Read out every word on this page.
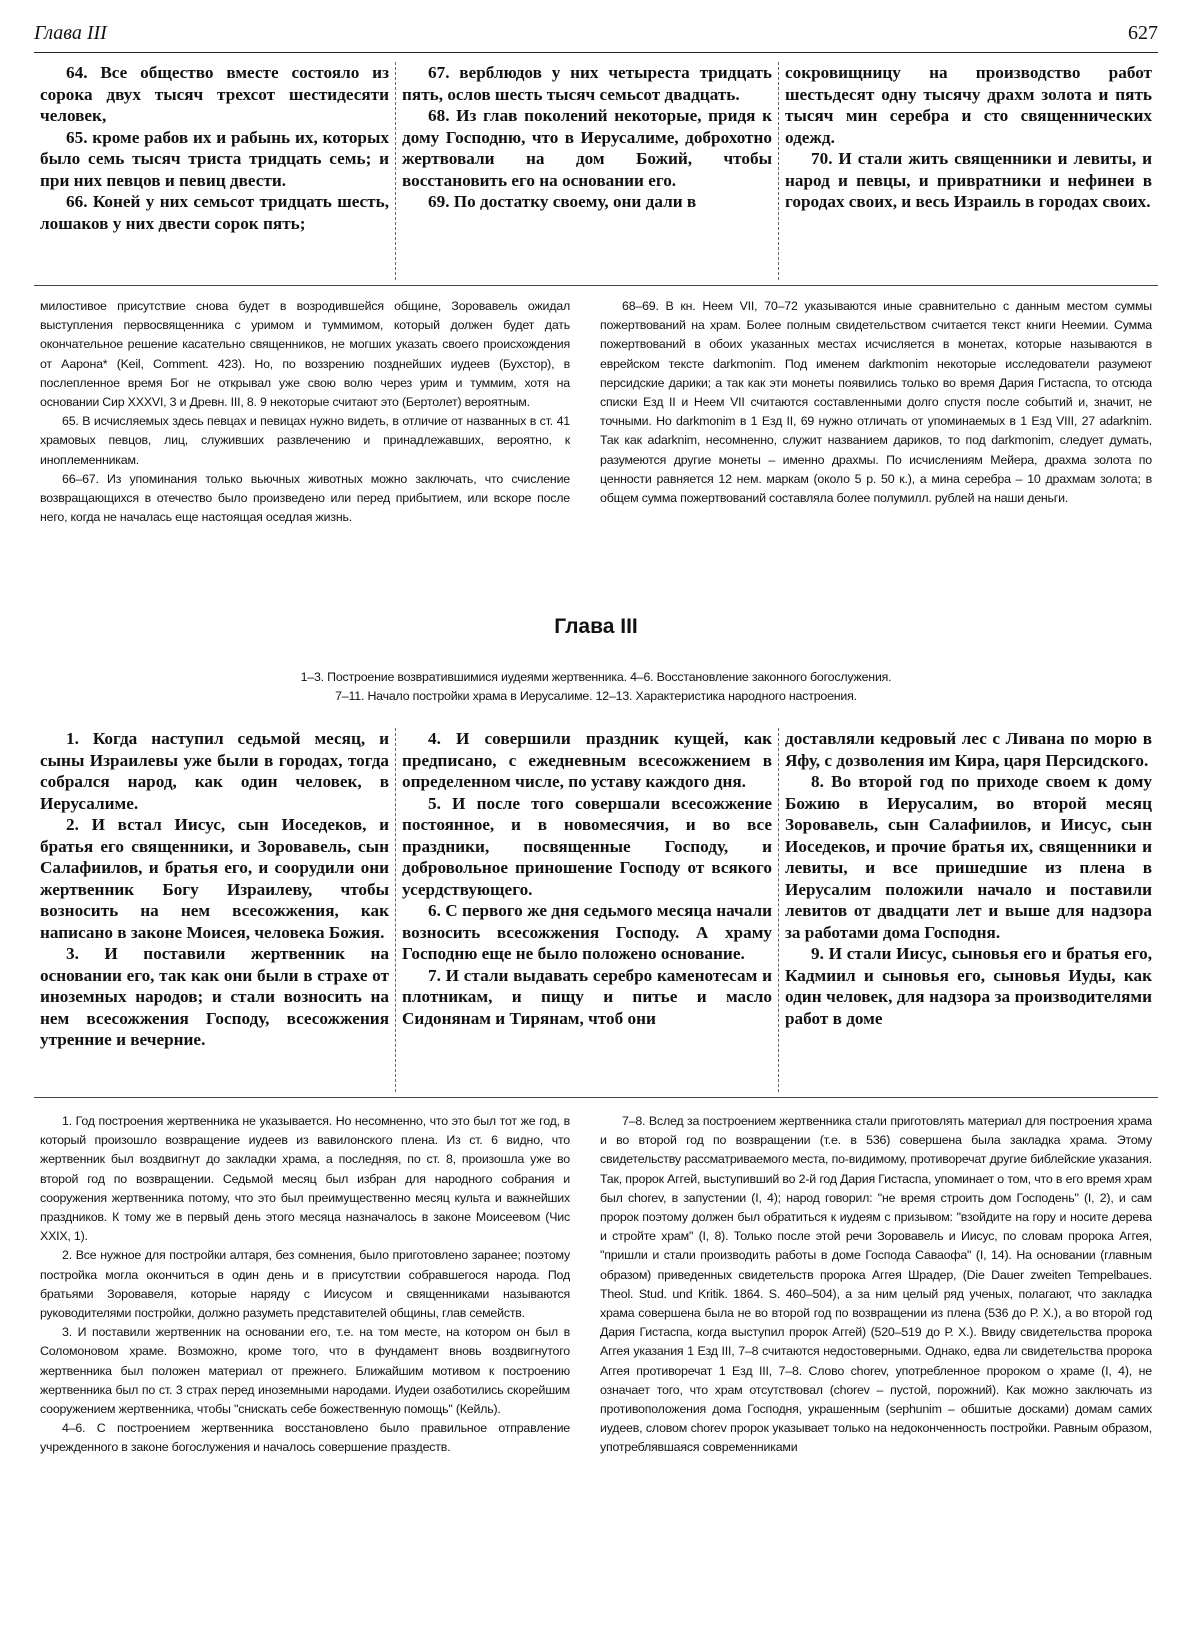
Глава III	627

64. Все общество вместе состояло из сорока двух тысяч трехсот шестидесяти человек,

65. кроме рабов их и рабынь их, которых было семь тысяч триста тридцать семь; и при них певцов и певиц двести.

66. Коней у них семьсот тридцать шесть, лошаков у них двести сорок пять;

67. верблюдов у них четыреста тридцать пять, ослов шесть тысяч семьсот двадцать.

68. Из глав поколений некоторые, придя к дому Господню, что в Иерусалиме, доброхотно жертвовали на дом Божий, чтобы восстановить его на основании его.

69. По достатку своему, они дали в

сокровищницу на производство работ шестьдесят одну тысячу драхм золота и пять тысяч мин серебра и сто священнических одежд.

70. И стали жить священники и левиты, и народ и певцы, и привратники и нефинеи в городах своих, и весь Израиль в городах своих.

милостивое присутствие снова будет в возродившейся общине, Зоровавель ожидал выступления первосвященника с уримом и туммимом, который должен будет дать окончательное решение касательно священников, не могших указать своего происхождения от Аарона* (Keil, Comment. 423). Но, по воззрению позднейших иудеев (Бухстор), в послепленное время Бог не открывал уже свою волю через урим и туммим, хотя на основании Сир XXXVI, 3 и Древн. III, 8. 9 некоторые считают это (Бертолет) вероятным.

65. В исчисляемых здесь певцах и певицах нужно видеть, в отличие от названных в ст. 41 храмовых певцов, лиц, служивших развлечению и принадлежавших, вероятно, к иноплеменникам.

66–67. Из упоминания только вьючных животных можно заключать, что счисление возвращающихся в отечество было произведено или перед прибытием, или вскоре после него, когда не началась еще настоящая оседлая жизнь.

68–69. В кн. Неем VII, 70–72 указываются иные сравнительно с данным местом суммы пожертвований на храм. Более полным свидетельством считается текст книги Неемии. Сумма пожертвований в обоих указанных местах исчисляется в монетах, которые называются в еврейском тексте darkmonim. Под именем darkmonim некоторые исследователи разумеют персидские дарики; а так как эти монеты появились только во время Дария Гистаспа, то отсюда списки Езд II и Неем VII считаются составленными долго спустя после событий и, значит, не точными. Но darkmonim в 1 Езд II, 69 нужно отличать от упоминаемых в 1 Езд VIII, 27 adarknim. Так как adarknim, несомненно, служит названием дариков, то под darkmonim, следует думать, разумеются другие монеты – именно драхмы. По исчислениям Мейера, драхма золота по ценности равняется 12 нем. маркам (около 5 р. 50 к.), а мина серебра – 10 драхмам золота; в общем сумма пожертвований составляла более полумилл. рублей на наши деньги.

Глава III
1–3. Построение возвратившимися иудеями жертвенника. 4–6. Восстановление законного богослужения.
7–11. Начало постройки храма в Иерусалиме. 12–13. Характеристика народного настроения.

1. Когда наступил седьмой месяц, и сыны Израилевы уже были в городах, тогда собрался народ, как один человек, в Иерусалиме.

2. И встал Иисус, сын Иоседеков, и братья его священники, и Зоровавель, сын Салафиилов, и братья его, и соорудили они жертвенник Богу Израилеву, чтобы возносить на нем всесожжения, как написано в законе Моисея, человека Божия.

3. И поставили жертвенник на основании его, так как они были в страхе от иноземных народов; и стали возносить на нем всесожжения Господу, всесожжения утренние и вечерние.

4. И совершили праздник кущей, как предписано, с ежедневным всесожжением в определенном числе, по уставу каждого дня.

5. И после того совершали всесожжение постоянное, и в новомесячия, и во все праздники, посвященные Господу, и добровольное приношение Господу от всякого усердствующего.

6. С первого же дня седьмого месяца начали возносить всесожжения Господу. А храму Господню еще не было положено основание.

7. И стали выдавать серебро каменотесам и плотникам, и пищу и питье и масло Сидонянам и Тирянам, чтоб они

доставляли кедровый лес с Ливана по морю в Яфу, с дозволения им Кира, царя Персидского.

8. Во второй год по приходе своем к дому Божию в Иерусалим, во второй месяц Зоровавель, сын Салафиилов, и Иисус, сын Иоседеков, и прочие братья их, священники и левиты, и все пришедшие из плена в Иерусалим положили начало и поставили левитов от двадцати лет и выше для надзора за работами дома Господня.

9. И стали Иисус, сыновья его и братья его, Кадмиил и сыновья его, сыновья Иуды, как один человек, для надзора за производителями работ в доме

1. Год построения жертвенника не указывается. Но несомненно, что это был тот же год, в который произошло возвращение иудеев из вавилонского плена. Из ст. 6 видно, что жертвенник был воздвигнут до закладки храма, а последняя, по ст. 8, произошла уже во второй год по возвращении. Седьмой месяц был избран для народного собрания и сооружения жертвенника потому, что это был преимущественно месяц культа и важнейших праздников. К тому же в первый день этого месяца назначалось в законе Моисеевом (Чис XXIX, 1).

2. Все нужное для постройки алтаря, без сомнения, было приготовлено заранее; поэтому постройка могла окончиться в один день и в присутствии собравшегося народа. Под братьями Зоровавеля, которые наряду с Иисусом и священниками называются руководителями постройки, должно разуметь представителей общины, глав семейств.

3. И поставили жертвенник на основании его, т.е. на том месте, на котором он был в Соломоновом храме. Возможно, кроме того, что в фундамент вновь воздвигнутого жертвенника был положен материал от прежнего. Ближайшим мотивом к построению жертвенника был по ст. 3 страх перед иноземными народами. Иудеи озаботились скорейшим сооружением жертвенника, чтобы "снискать себе божественную помощь" (Кейль).

4–6. С построением жертвенника восстановлено было правильное отправление учрежденного в законе богослужения и началось совершение праздеств.

7–8. Вслед за построением жертвенника стали приготовлять материал для построения храма и во второй год по возвращении (т.е. в 536) совершена была закладка храма. Этому свидетельству рассматриваемого места, по-видимому, противоречат другие библейские указания. Так, пророк Аггей, выступивший во 2-й год Дария Гистаспа, упоминает о том, что в его время храм был chorev, в запустении (I, 4); народ говорил: "не время строить дом Господень" (I, 2), и сам пророк поэтому должен был обратиться к иудеям с призывом: "взойдите на гору и носите дерева и стройте храм" (I, 8). Только после этой речи Зоровавель и Иисус, по словам пророка Аггея, "пришли и стали производить работы в доме Господа Саваофа" (I, 14). На основании (главным образом) приведенных свидетельств пророка Аггея Шрадер, (Die Dauer zweiten Tempelbaues. Theol. Stud. und Kritik. 1864. S. 460–504), а за ним целый ряд ученых, полагают, что закладка храма совершена была не во второй год по возвращении из плена (536 до Р. Х.), а во второй год Дария Гистаспа, когда выступил пророк Аггей) (520–519 до Р. Х.). Ввиду свидетельства пророка Аггея указания 1 Езд III, 7–8 считаются недостоверными. Однако, едва ли свидетельства пророка Аггея противоречат 1 Езд III, 7–8. Слово chorev, употребленное пророком о храме (I, 4), не означает того, что храм отсутствовал (chorev – пустой, порожний). Как можно заключать из противоположения дома Господня, украшенным (sephunim – обшитые досками) домам самих иудеев, словом chorev пророк указывает только на недоконченность постройки. Равным образом, употреблявшаяся современниками
